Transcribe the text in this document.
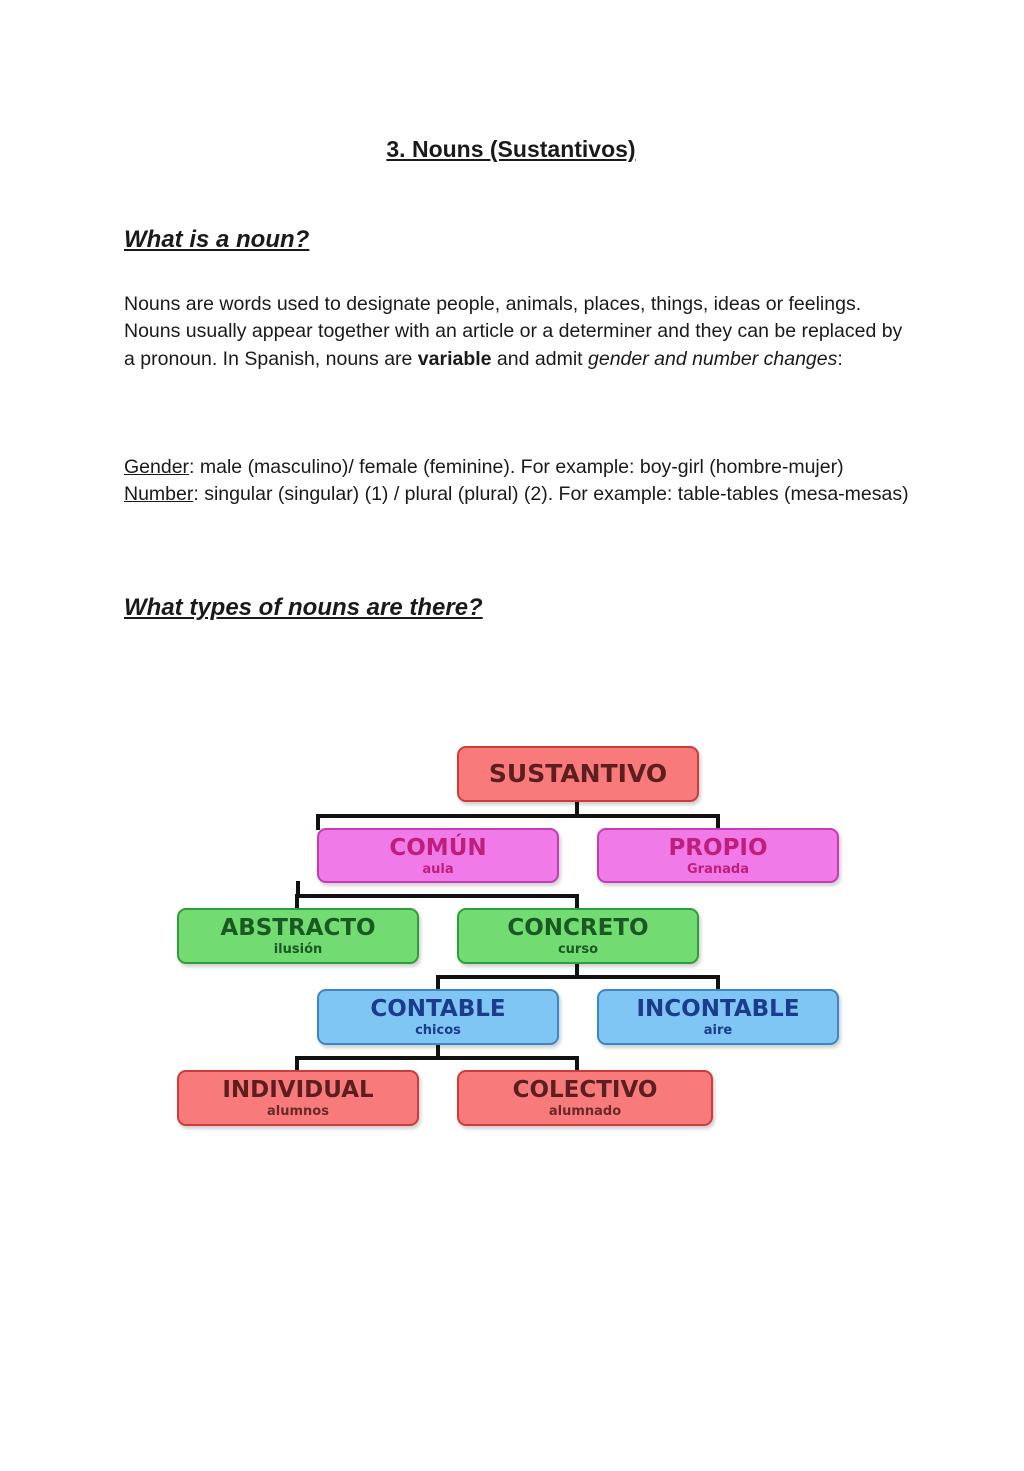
3. Nouns (Sustantivos)
What is a noun?

Nouns are words used to designate people, animals, places, things, ideas or feelings. Nouns usually appear together with an article or a determiner and they can be replaced by a pronoun. In Spanish, nouns are variable and admit gender and number changes:

Gender: male (masculino)/ female (feminine). For example: boy-girl (hombre-mujer)
Number: singular (singular) (1) / plural (plural) (2). For example: table-tables (mesa-mesas)

What types of nouns are there?
SUSTANTIVO
COMÚN
aula
PROPIO
Granada
ABSTRACTO
ilusión
CONCRETO
curso
CONTABLE
chicos
INCONTABLE
aire
INDIVIDUAL
alumnos
COLECTIVO
alumnado
